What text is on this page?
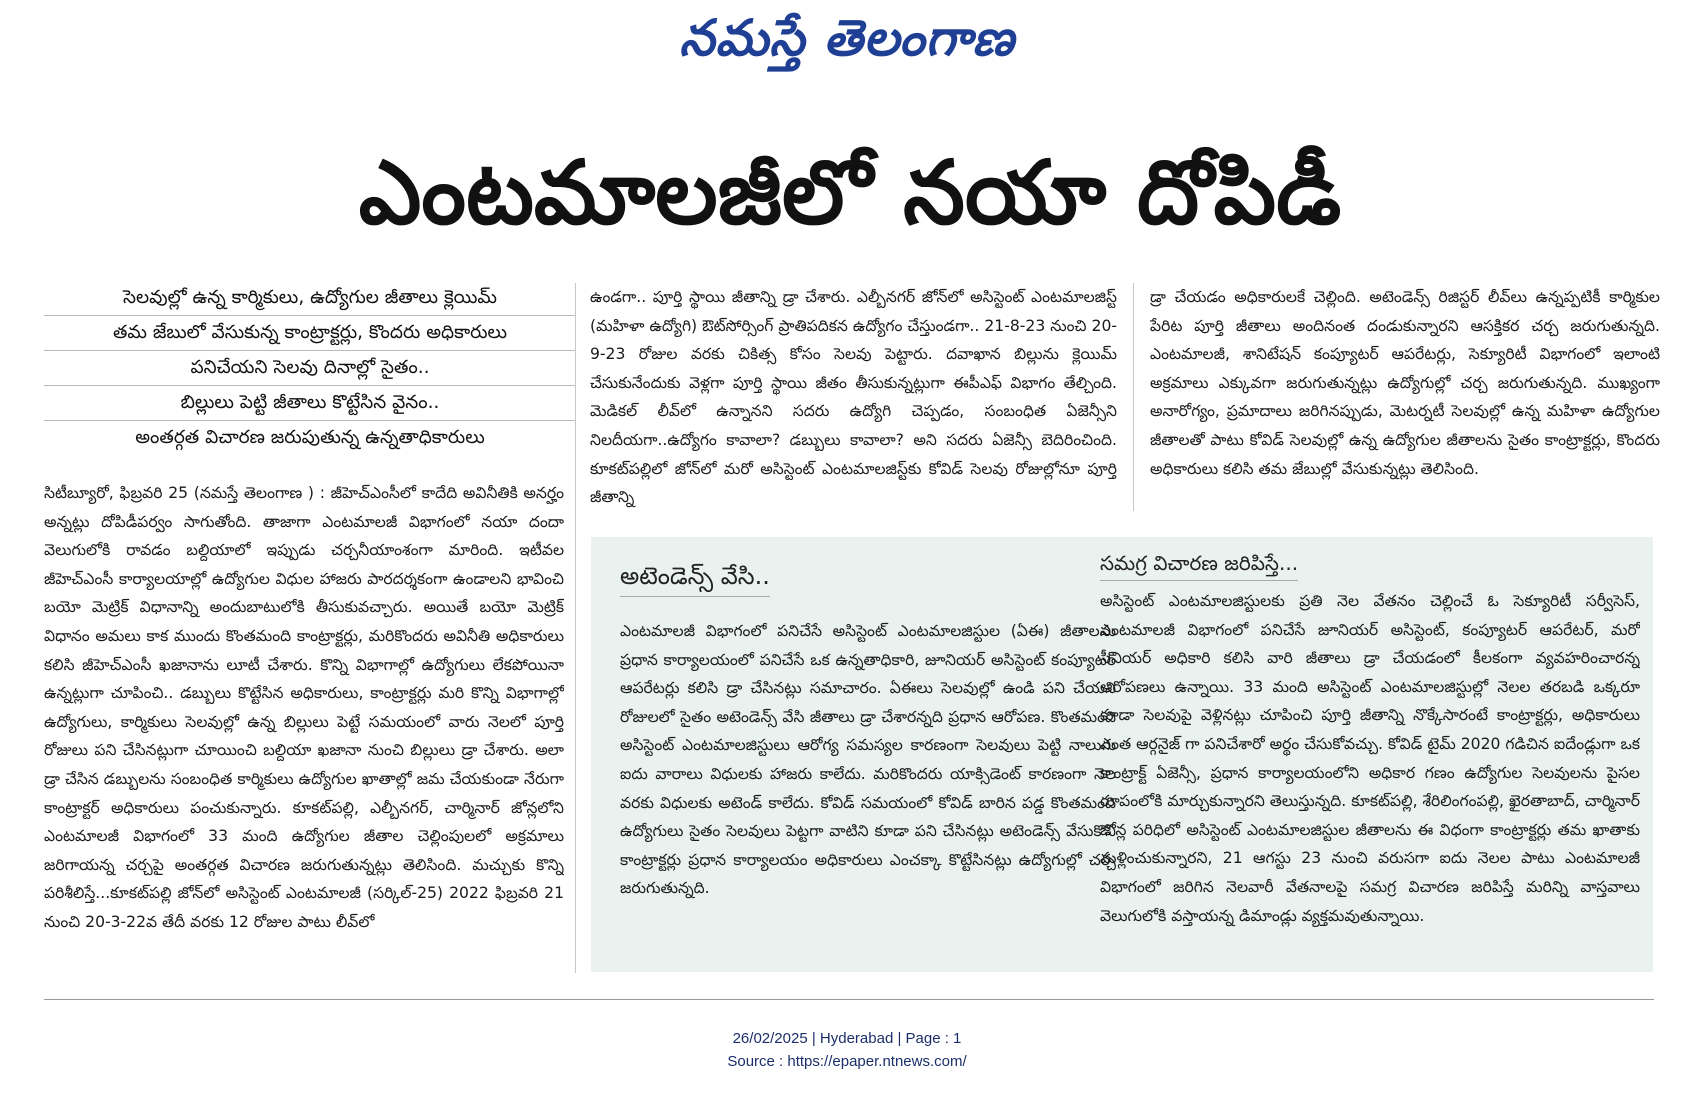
నమస్తే తెలంగాణ
ఎంటమాలజీలో నయా దోపిడీ
సెలవుల్లో ఉన్న కార్మికులు, ఉద్యోగుల జీతాలు క్లెయిమ్
తమ జేబులో వేసుకున్న కాంట్రాక్టర్లు, కొందరు అధికారులు
పనిచేయని సెలవు దినాల్లో సైతం..
బిల్లులు పెట్టి జీతాలు కొట్టేసిన వైనం..
అంతర్గత విచారణ జరుపుతున్న ఉన్నతాధికారులు
సిటీబ్యూరో, ఫిబ్రవరి 25 (నమస్తే తెలంగాణ ) : జీహెచ్‌ఎంసీలో కాదేది అవినీతికి అనర్హం అన్నట్లు దోపిడీపర్వం సాగుతోంది. తాజాగా ఎంటమాలజీ విభాగంలో నయా దందా వెలుగులోకి రావడం బల్దియాలో ఇప్పుడు చర్చనీయాంశంగా మారింది. ఇటీవల జీహెచ్‌ఎంసీ కార్యాలయాల్లో ఉద్యోగుల విధుల హాజరు పారదర్శకంగా ఉండాలని భావించి బయో మెట్రిక్ విధానాన్ని అందుబాటులోకి తీసుకువచ్చారు. అయితే బయో మెట్రిక్ విధానం అమలు కాక ముందు కొంతమంది కాంట్రాక్టర్లు, మరికొందరు అవినీతి అధికారులు కలిసి జీహెచ్‌ఎంసీ ఖజానాను లూటీ చేశారు. కొన్ని విభాగాల్లో ఉద్యోగులు లేకపోయినా ఉన్నట్లుగా చూపించి.. డబ్బులు కొట్టేసిన అధికారులు, కాంట్రాక్టర్లు మరి కొన్ని విభాగాల్లో ఉద్యోగులు, కార్మికులు సెలవుల్లో ఉన్న బిల్లులు పెట్టే సమయంలో వారు నెలలో పూర్తి రోజులు పని చేసినట్లుగా చూయించి బల్దియా ఖజానా నుంచి బిల్లులు డ్రా చేశారు. అలా డ్రా చేసిన డబ్బులను సంబంధిత కార్మికులు ఉద్యోగుల ఖాతాల్లో జమ చేయకుండా నేరుగా కాంట్రాక్టర్ అధికారులు పంచుకున్నారు. కూకట్‌పల్లి, ఎల్బీనగర్, చార్మినార్ జోన్లలోని ఎంటమాలజీ విభాగంలో 33 మంది ఉద్యోగుల జీతాల చెల్లింపులలో అక్రమాలు జరిగాయన్న చర్చపై అంతర్గత విచారణ జరుగుతున్నట్లు తెలిసింది. మచ్చుకు కొన్ని పరిశీలిస్తే...కూకట్‌పల్లి జోన్‌లో అసిస్టెంట్ ఎంటమాలజీ (సర్కిల్-25) 2022 ఫిబ్రవరి 21 నుంచి 20-3-22వ తేదీ వరకు 12 రోజుల పాటు లీవ్‌లో
ఉండగా.. పూర్తి స్థాయి జీతాన్ని డ్రా చేశారు. ఎల్బీనగర్ జోన్‌లో అసిస్టెంట్ ఎంటమాలజిస్ట్ (మహిళా ఉద్యోగి) ఔట్‌సోర్సింగ్ ప్రాతిపదికన ఉద్యోగం చేస్తుండగా.. 21-8-23 నుంచి 20-9-23 రోజుల వరకు చికిత్స కోసం సెలవు పెట్టారు. దవాఖాన బిల్లును క్లెయిమ్ చేసుకునేందుకు వెళ్లగా పూర్తి స్థాయి జీతం తీసుకున్నట్లుగా ఈపీఎఫ్ విభాగం తేల్చింది. మెడికల్ లీవ్‌లో ఉన్నానని సదరు ఉద్యోగి చెప్పడం, సంబంధిత ఏజెన్సీని నిలదీయగా..ఉద్యోగం కావాలా? డబ్బులు కావాలా? అని సదరు ఏజెన్సీ బెదిరించింది. కూకట్‌పల్లిలో జోన్‌లో మరో అసిస్టెంట్ ఎంటమాలజిస్ట్‌కు కోవిడ్ సెలవు రోజుల్లోనూ పూర్తి జీతాన్ని
డ్రా చేయడం అధికారులకే చెల్లింది. అటెండెన్స్ రిజిస్టర్ లీవ్‌లు ఉన్నప్పటికీ కార్మికుల పేరిట పూర్తి జీతాలు అందినంత దండుకున్నారని ఆసక్తికర చర్చ జరుగుతున్నది. ఎంటమాలజీ, శానిటేషన్ కంప్యూటర్ ఆపరేటర్లు, సెక్యూరిటీ విభాగంలో ఇలాంటి అక్రమాలు ఎక్కువగా జరుగుతున్నట్లు ఉద్యోగుల్లో చర్చ జరుగుతున్నది. ముఖ్యంగా అనారోగ్యం, ప్రమాదాలు జరిగినప్పుడు, మెటర్నటీ సెలవుల్లో ఉన్న మహిళా ఉద్యోగుల జీతాలతో పాటు కోవిడ్ సెలవుల్లో ఉన్న ఉద్యోగుల జీతాలను సైతం కాంట్రాక్టర్లు, కొందరు అధికారులు కలిసి తమ జేబుల్లో వేసుకున్నట్లు తెలిసింది.
అటెండెన్స్ వేసి..
ఎంటమాలజీ విభాగంలో పనిచేసే అసిస్టెంట్ ఎంటమాలజిస్టుల (ఏఈ) జీతాలను ప్రధాన కార్యాలయంలో పనిచేసే ఒక ఉన్నతాధికారి, జూనియర్ అసిస్టెంట్ కంప్యూటర్ ఆపరేటర్లు కలిసి డ్రా చేసినట్లు సమాచారం. ఏఈలు సెలవుల్లో ఉండి పని చేయని రోజులలో సైతం అటెండెన్స్ వేసి జీతాలు డ్రా చేశారన్నది ప్రధాన ఆరోపణ. కొంతమంది అసిస్టెంట్ ఎంటమాలజిస్టులు ఆరోగ్య సమస్యల కారణంగా సెలవులు పెట్టి నాలుగు ఐదు వారాలు విధులకు హాజరు కాలేదు. మరికొందరు యాక్సిడెంట్ కారణంగా నెల వరకు విధులకు అటెండ్ కాలేదు. కోవిడ్ సమయంలో కోవిడ్ బారిన పడ్డ కొంతమంది ఉద్యోగులు సైతం సెలవులు పెట్టగా వాటిని కూడా పని చేసినట్లు అటెండెన్స్ వేసుకొని కాంట్రాక్టర్లు ప్రధాన కార్యాలయం అధికారులు ఎంచక్కా కొట్టేసినట్లు ఉద్యోగుల్లో చర్చ జరుగుతున్నది.
సమగ్ర విచారణ జరిపిస్తే...
అసిస్టెంట్ ఎంటమాలజిస్టులకు ప్రతి నెల వేతనం చెల్లించే ఓ సెక్యూరిటీ సర్వీసెస్, ఎంటమాలజీ విభాగంలో పనిచేసే జూనియర్ అసిస్టెంట్, కంప్యూటర్ ఆపరేటర్, మరో సీనియర్ అధికారి కలిసి వారి జీతాలు డ్రా చేయడంలో కీలకంగా వ్యవహరించారన్న ఆరోపణలు ఉన్నాయి. 33 మంది అసిస్టెంట్ ఎంటమాలజిస్టుల్లో నెలల తరబడి ఒక్కరూ కూడా సెలవుపై వెళ్లినట్లు చూపించి పూర్తి జీతాన్ని నొక్కేసారంటే కాంట్రాక్టర్లు, అధికారులు ఎంత ఆర్గనైజ్ గా పనిచేశారో అర్థం చేసుకోవచ్చు. కోవిడ్ టైమ్ 2020 గడిచిన ఐదేండ్లుగా ఒక కాంట్రాక్ట్ ఏజెన్సీ, ప్రధాన కార్యాలయంలోని అధికార గణం ఉద్యోగుల సెలవులను పైసల రూపంలోకి మార్చుకున్నారని తెలుస్తున్నది. కూకట్‌పల్లి, శేరిలింగంపల్లి, ఖైరతాబాద్, చార్మినార్ జోన్ల పరిధిలో అసిస్టెంట్ ఎంటమాలజిస్టుల జీతాలను ఈ విధంగా కాంట్రాక్టర్లు తమ ఖాతాకు మళ్లించుకున్నారని, 21 ఆగస్టు 23 నుంచి వరుసగా ఐదు నెలల పాటు ఎంటమాలజీ విభాగంలో జరిగిన నెలవారీ వేతనాలపై సమగ్ర విచారణ జరిపిస్తే మరిన్ని వాస్తవాలు వెలుగులోకి వస్తాయన్న డిమాండ్లు వ్యక్తమవుతున్నాయి.
26/02/2025 | Hyderabad | Page : 1
Source : https://epaper.ntnews.com/
